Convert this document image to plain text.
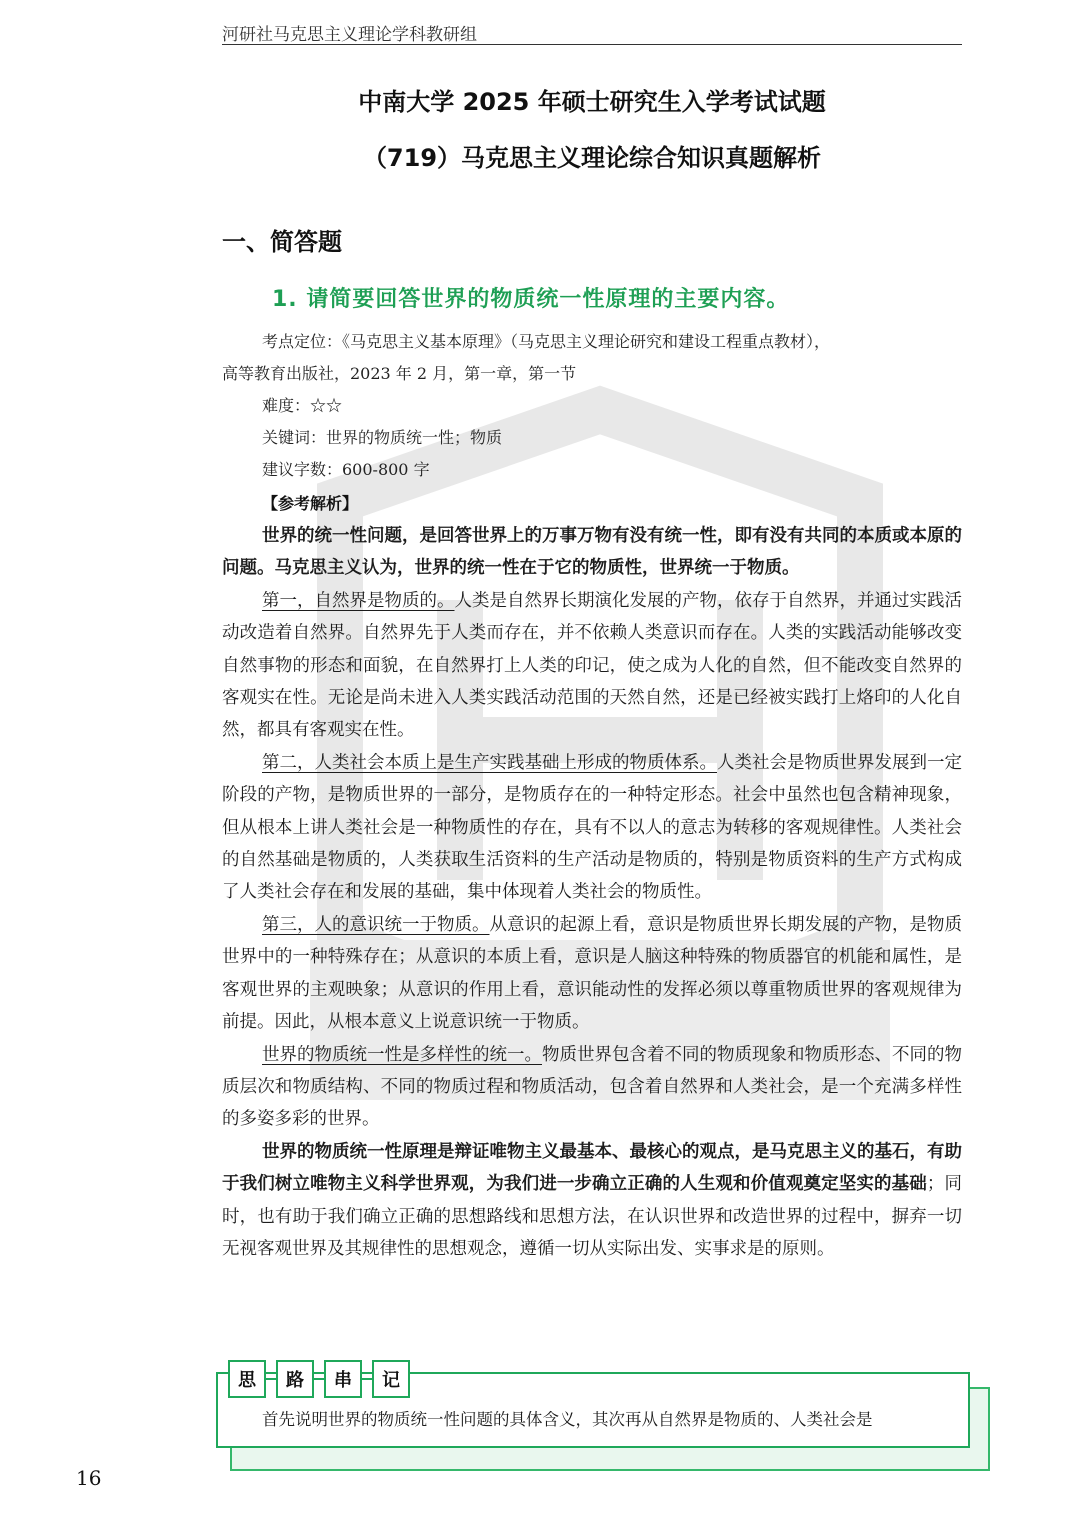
河研社马克思主义理论学科教研组
中南大学 2025 年硕士研究生入学考试试题
（719）马克思主义理论综合知识真题解析
一、简答题
1. 请简要回答世界的物质统一性原理的主要内容。

考点定位：《马克思主义基本原理》（马克思主义理论研究和建设工程重点教材），

高等教育出版社，2023 年 2 月，第一章，第一节

难度：☆☆

关键词：世界的物质统一性；物质

建议字数：600-800 字

【参考解析】

世界的统一性问题，是回答世界上的万事万物有没有统一性，即有没有共同的本质或本原的问题。马克思主义认为，世界的统一性在于它的物质性，世界统一于物质。

第一，自然界是物质的。人类是自然界长期演化发展的产物，依存于自然界，并通过实践活动改造着自然界。自然界先于人类而存在，并不依赖人类意识而存在。人类的实践活动能够改变自然事物的形态和面貌，在自然界打上人类的印记，使之成为人化的自然，但不能改变自然界的客观实在性。无论是尚未进入人类实践活动范围的天然自然，还是已经被实践打上烙印的人化自然，都具有客观实在性。

第二，人类社会本质上是生产实践基础上形成的物质体系。人类社会是物质世界发展到一定阶段的产物，是物质世界的一部分，是物质存在的一种特定形态。社会中虽然也包含精神现象，但从根本上讲人类社会是一种物质性的存在，具有不以人的意志为转移的客观规律性。人类社会的自然基础是物质的，人类获取生活资料的生产活动是物质的，特别是物质资料的生产方式构成了人类社会存在和发展的基础，集中体现着人类社会的物质性。

第三，人的意识统一于物质。从意识的起源上看，意识是物质世界长期发展的产物，是物质世界中的一种特殊存在；从意识的本质上看，意识是人脑这种特殊的物质器官的机能和属性，是客观世界的主观映象；从意识的作用上看，意识能动性的发挥必须以尊重物质世界的客观规律为前提。因此，从根本意义上说意识统一于物质。

世界的物质统一性是多样性的统一。物质世界包含着不同的物质现象和物质形态、不同的物质层次和物质结构、不同的物质过程和物质活动，包含着自然界和人类社会，是一个充满多样性的多姿多彩的世界。

世界的物质统一性原理是辩证唯物主义最基本、最核心的观点，是马克思主义的基石，有助于我们树立唯物主义科学世界观，为我们进一步确立正确的人生观和价值观奠定坚实的基础；同时，也有助于我们确立正确的思想路线和思想方法，在认识世界和改造世界的过程中，摒弃一切无视客观世界及其规律性的思想观念，遵循一切从实际出发、实事求是的原则。

思	路	串	记
首先说明世界的物质统一性问题的具体含义，其次再从自然界是物质的、人类社会是
16
